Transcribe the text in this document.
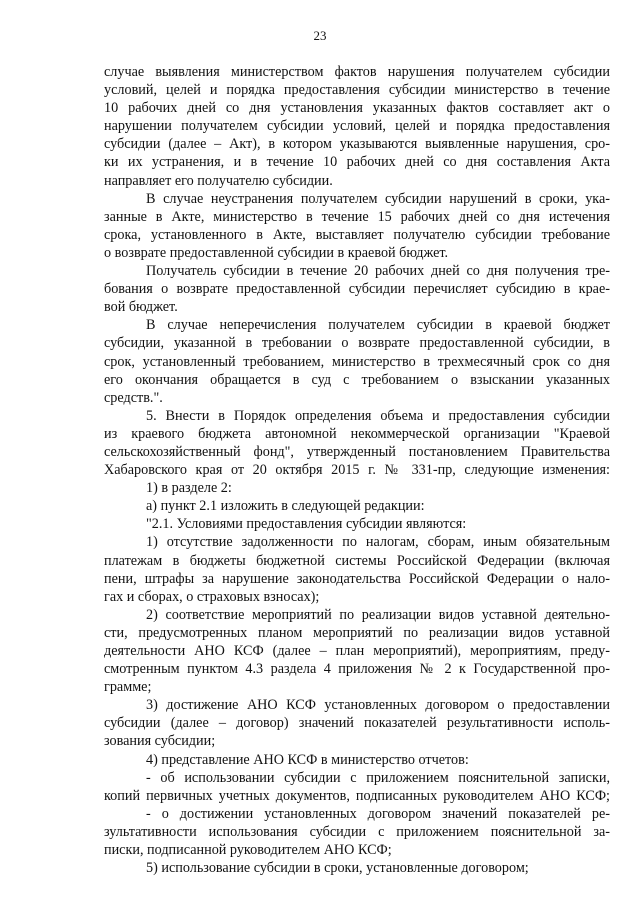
23
случае выявления министерством фактов нарушения получателем субсидии
условий, целей и порядка предоставления субсидии министерство в течение
10 рабочих дней со дня установления указанных фактов составляет акт о
нарушении получателем субсидии условий, целей и порядка предоставления
субсидии (далее – Акт), в котором указываются выявленные нарушения, сро-
ки их устранения, и в течение 10 рабочих дней со дня составления Акта
направляет его получателю субсидии.
В случае неустранения получателем субсидии нарушений в сроки, ука-
занные в Акте, министерство в течение 15 рабочих дней со дня истечения
срока, установленного в Акте, выставляет получателю субсидии требование
о возврате предоставленной субсидии в краевой бюджет.
Получатель субсидии в течение 20 рабочих дней со дня получения тре-
бования о возврате предоставленной субсидии перечисляет субсидию в крае-
вой бюджет.
В случае неперечисления получателем субсидии в краевой бюджет
субсидии, указанной в требовании о возврате предоставленной субсидии, в
срок, установленный требованием, министерство в трехмесячный срок со дня
его окончания обращается в суд с требованием о взыскании указанных
средств.".
5. Внести в Порядок определения объема и предоставления субсидии
из краевого бюджета автономной некоммерческой организации "Краевой
сельскохозяйственный фонд", утвержденный постановлением Правительства
Хабаровского края от 20 октября 2015 г. № 331-пр, следующие изменения:
1) в разделе 2:
а) пункт 2.1 изложить в следующей редакции:
"2.1. Условиями предоставления субсидии являются:
1) отсутствие задолженности по налогам, сборам, иным обязательным
платежам в бюджеты бюджетной системы Российской Федерации (включая
пени, штрафы за нарушение законодательства Российской Федерации о нало-
гах и сборах, о страховых взносах);
2) соответствие мероприятий по реализации видов уставной деятельно-
сти, предусмотренных планом мероприятий по реализации видов уставной
деятельности АНО КСФ (далее – план мероприятий), мероприятиям, преду-
смотренным пунктом 4.3 раздела 4 приложения № 2 к Государственной про-
грамме;
3) достижение АНО КСФ установленных договором о предоставлении
субсидии (далее – договор) значений показателей результативности исполь-
зования субсидии;
4) представление АНО КСФ в министерство отчетов:
- об использовании субсидии с приложением пояснительной записки,
копий первичных учетных документов, подписанных руководителем АНО КСФ;
- о достижении установленных договором значений показателей ре-
зультативности использования субсидии с приложением пояснительной за-
писки, подписанной руководителем АНО КСФ;
5) использование субсидии в сроки, установленные договором;
